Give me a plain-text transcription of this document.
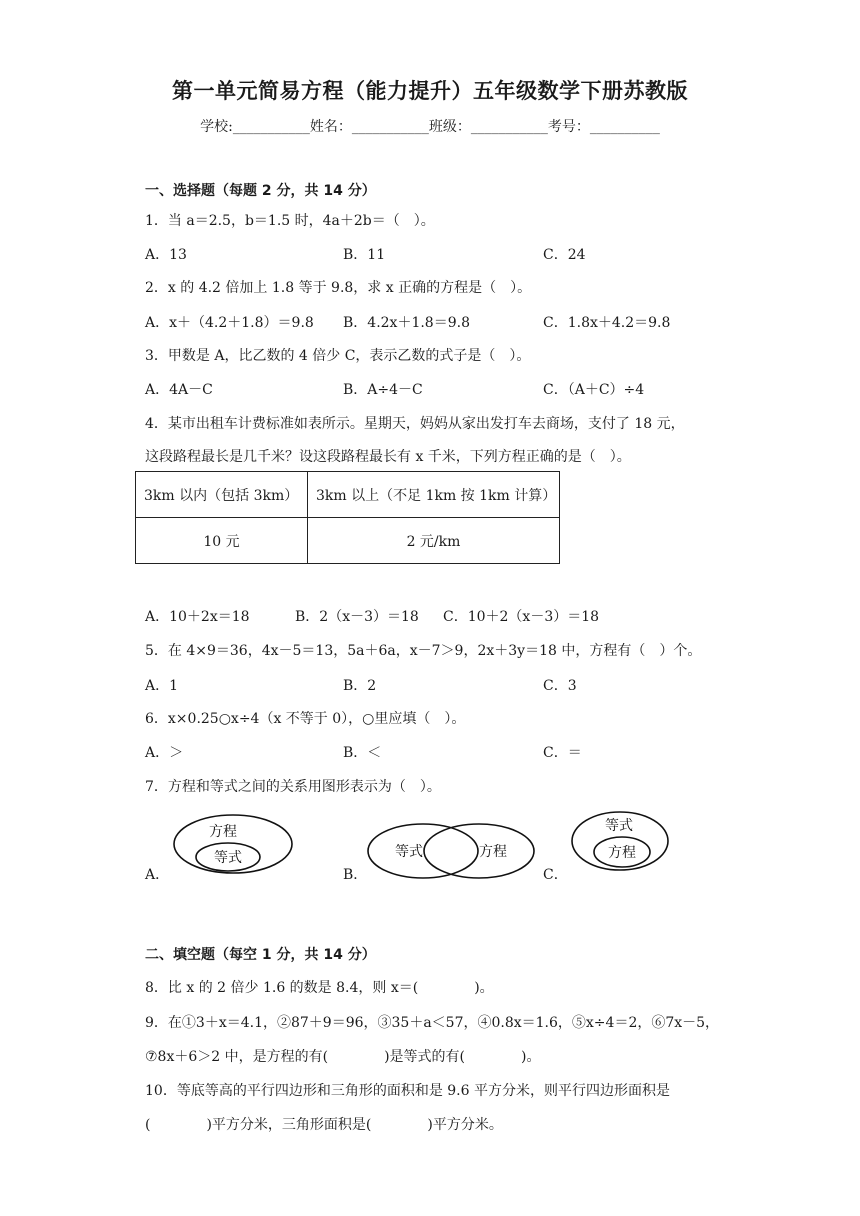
第一单元简易方程（能力提升）五年级数学下册苏教版
学校:___________姓名：___________班级：___________考号：__________
一、选择题（每题 2 分，共 14 分）
1．当 a＝2.5，b＝1.5 时，4a＋2b＝（　）。
A．13	B．11	C．24
2．x 的 4.2 倍加上 1.8 等于 9.8，求 x 正确的方程是（　）。
A．x＋（4.2＋1.8）＝9.8 B．4.2x＋1.8＝9.8	C．1.8x＋4.2＝9.8
3．甲数是 A，比乙数的 4 倍少 C，表示乙数的式子是（　）。
A．4A－C	B．A÷4－C	C．（A＋C）÷4
4．某市出租车计费标准如表所示。星期天，妈妈从家出发打车去商场，支付了 18 元，
这段路程最长是几千米？设这段路程最长有 x 千米，下列方程正确的是（　）。
3km 以内（包括 3km）	3km 以上（不足 1km 按 1km 计算）
10 元	2 元/km
A．10＋2x＝18	B．2（x－3）＝18 C．10＋2（x－3）＝18
5．在 4×9＝36，4x－5＝13，5a＋6a，x－7＞9，2x＋3y＝18 中，方程有（　）个。
A．1	B．2	C．3
6．x×0.25○x÷4（x 不等于 0），○里应填（　）。
A．＞	B．＜	C．＝
7．方程和等式之间的关系用图形表示为（　）。
A．
方程
等式
B．
等式	方程
C．
等式
方程
二、填空题（每空 1 分，共 14 分）
8．比 x 的 2 倍少 1.6 的数是 8.4，则 x＝(　　　　)。
9．在①3＋x＝4.1，②87＋9＝96，③35＋a＜57，④0.8x＝1.6，⑤x÷4＝2，⑥7x－5，
⑦8x＋6＞2 中，是方程的有(　　　　)是等式的有(　　　　)。
10．等底等高的平行四边形和三角形的面积和是 9.6 平方分米，则平行四边形面积是
(　　　　)平方分米，三角形面积是(　　　　)平方分米。
